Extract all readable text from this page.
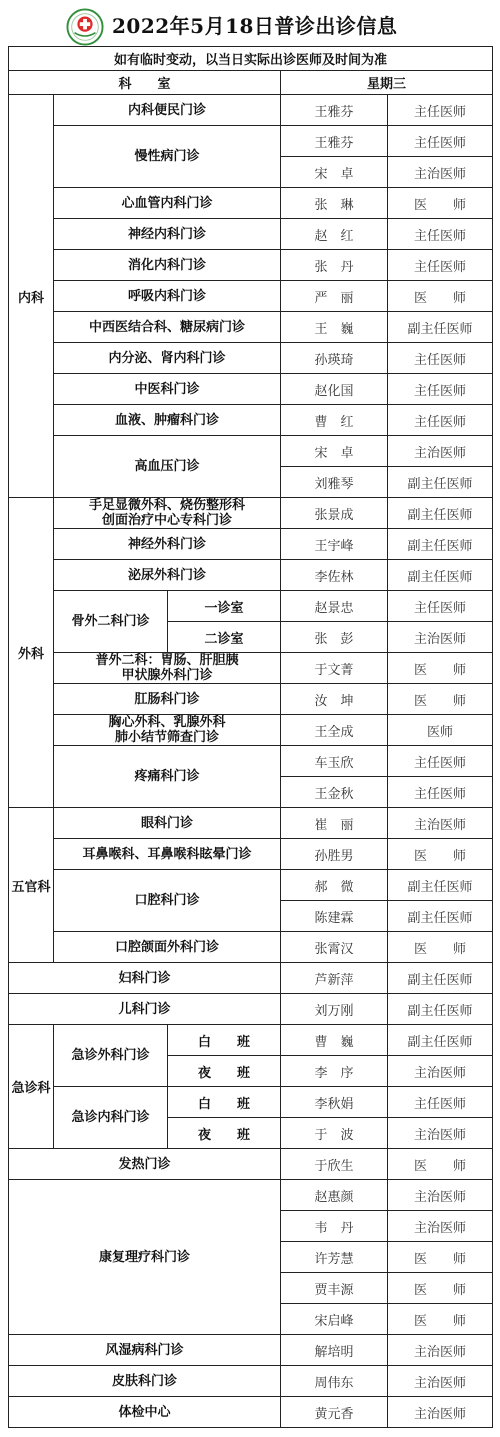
2022年5月18日普诊出诊信息
如有临时变动，以当日实际出诊医师及时间为准				
科　　室			星期三	
内科	内科便民门诊		王雅芬	主任医师
	慢性病门诊		王雅芬	主任医师
			宋　卓	主治医师
	心血管内科门诊		张　琳	医　　师
	神经内科门诊		赵　红	主任医师
	消化内科门诊		张　丹	主任医师
	呼吸内科门诊		严　丽	医　　师
	中西医结合科、糖尿病门诊		王　巍	副主任医师
	内分泌、肾内科门诊		孙瑛琦	主任医师
	中医科门诊		赵化国	主任医师
	血液、肿瘤科门诊		曹　红	主任医师
	高血压门诊		宋　卓	主治医师
			刘雅琴	副主任医师
外科	手足显微外科、烧伤整形科
创面治疗中心专科门诊		张景成	副主任医师
	神经外科门诊		王宇峰	副主任医师
	泌尿外科门诊		李佐林	副主任医师
	骨外二科门诊	一诊室	赵景忠	主任医师
		二诊室	张　彭	主治医师
	普外二科：胃肠、肝胆胰
甲状腺外科门诊		于文菁	医　　师
	肛肠科门诊		汝　坤	医　　师
	胸心外科、乳腺外科
肺小结节筛查门诊		王全成	医师
	疼痛科门诊		车玉欣	主任医师
			王金秋	主任医师
五官科	眼科门诊		崔　丽	主治医师
	耳鼻喉科、耳鼻喉科眩晕门诊		孙胜男	医　　师
	口腔科门诊		郝　微	副主任医师
			陈建霖	副主任医师
	口腔颌面外科门诊		张霄汉	医　　师
妇科门诊			芦新萍	副主任医师
儿科门诊			刘万刚	副主任医师
急诊科	急诊外科门诊	白　　班	曹　巍	副主任医师
		夜　　班	李　序	主治医师
	急诊内科门诊	白　　班	李秋娟	主任医师
		夜　　班	于　波	主治医师
发热门诊			于欣生	医　　师
康复理疗科门诊			赵惠颜	主治医师
			韦　丹	主治医师
			许芳慧	医　　师
			贾丰源	医　　师
			宋启峰	医　　师
风湿病科门诊			解培明	主治医师
皮肤科门诊			周伟东	主治医师
体检中心			黄元香	主治医师
